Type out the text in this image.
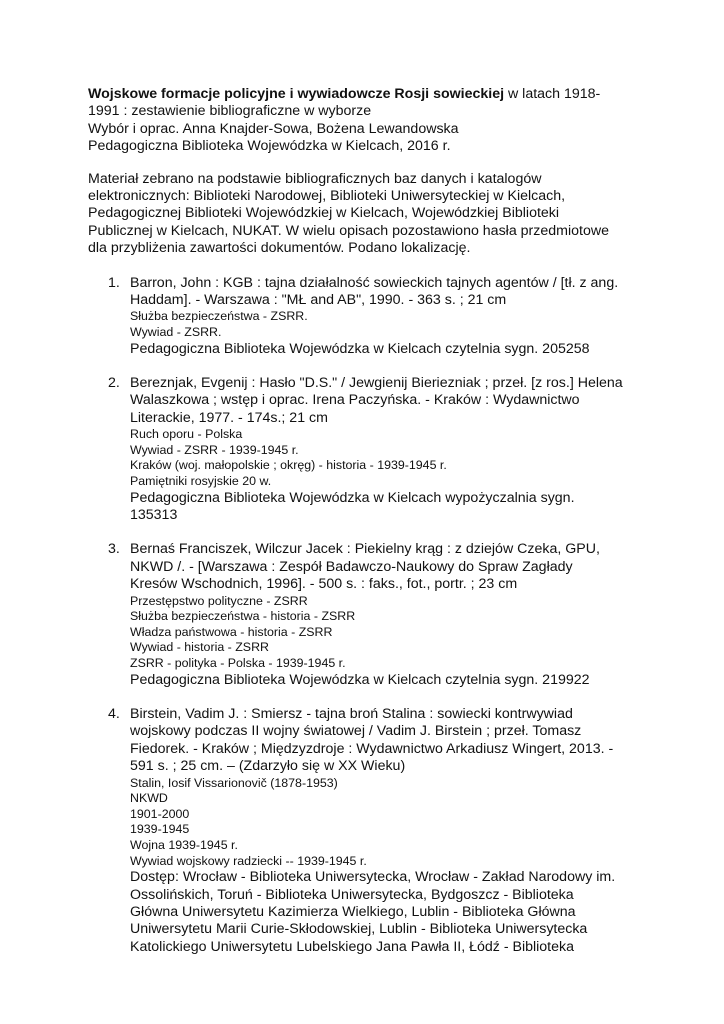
Wojskowe formacje policyjne i wywiadowcze Rosji sowieckiej w latach 1918-
1991 : zestawienie bibliograficzne w wyborze
Wybór i oprac. Anna Knajder-Sowa, Bożena Lewandowska
Pedagogiczna Biblioteka Wojewódzka w Kielcach, 2016 r.
Materiał zebrano na podstawie bibliograficznych baz danych i katalogów
elektronicznych: Biblioteki Narodowej, Biblioteki Uniwersyteckiej w Kielcach,
Pedagogicznej Biblioteki Wojewódzkiej w Kielcach, Wojewódzkiej Biblioteki
Publicznej w Kielcach, NUKAT. W wielu opisach pozostawiono hasła przedmiotowe
dla przybliżenia zawartości dokumentów. Podano lokalizację.
1. Barron, John : KGB : tajna działalność sowieckich tajnych agentów / [tł. z ang.
Haddam]. - Warszawa : "MŁ and AB", 1990. - 363 s. ; 21 cm
Służba bezpieczeństwa - ZSRR.
Wywiad - ZSRR.
Pedagogiczna Biblioteka Wojewódzka w Kielcach czytelnia sygn. 205258
2. Bereznjak, Evgenij : Hasło "D.S." / Jewgienij Bieriezniak ; przeł. [z ros.] Helena
Walaszkowa ; wstęp i oprac. Irena Paczyńska. - Kraków : Wydawnictwo
Literackie, 1977. - 174s.; 21 cm
Ruch oporu - Polska
Wywiad - ZSRR - 1939-1945 r.
Kraków (woj. małopolskie ; okręg) - historia - 1939-1945 r.
Pamiętniki rosyjskie 20 w.
Pedagogiczna Biblioteka Wojewódzka w Kielcach wypożyczalnia sygn.
135313
3. Bernaś Franciszek, Wilczur Jacek : Piekielny krąg : z dziejów Czeka, GPU,
NKWD /. - [Warszawa : Zespół Badawczo-Naukowy do Spraw Zagłady
Kresów Wschodnich, 1996]. - 500 s. : faks., fot., portr. ; 23 cm
Przestępstwo polityczne - ZSRR
Służba bezpieczeństwa - historia - ZSRR
Władza państwowa - historia - ZSRR
Wywiad - historia - ZSRR
ZSRR - polityka - Polska - 1939-1945 r.
Pedagogiczna Biblioteka Wojewódzka w Kielcach czytelnia sygn. 219922
4. Birstein, Vadim J. : Smiersz - tajna broń Stalina : sowiecki kontrwywiad
wojskowy podczas II wojny światowej / Vadim J. Birstein ; przeł. Tomasz
Fiedorek. - Kraków ; Międzyzdroje : Wydawnictwo Arkadiusz Wingert, 2013. -
591 s. ; 25 cm. – (Zdarzyło się w XX Wieku)
Stalin, Iosif Vissarionovič (1878-1953)
NKWD
1901-2000
1939-1945
Wojna 1939-1945 r.
Wywiad wojskowy radziecki -- 1939-1945 r.
Dostęp: Wrocław - Biblioteka Uniwersytecka, Wrocław - Zakład Narodowy im.
Ossolińskich, Toruń - Biblioteka Uniwersytecka, Bydgoszcz - Biblioteka
Główna Uniwersytetu Kazimierza Wielkiego, Lublin - Biblioteka Główna
Uniwersytetu Marii Curie-Skłodowskiej, Lublin - Biblioteka Uniwersytecka
Katolickiego Uniwersytetu Lubelskiego Jana Pawła II, Łódź - Biblioteka
